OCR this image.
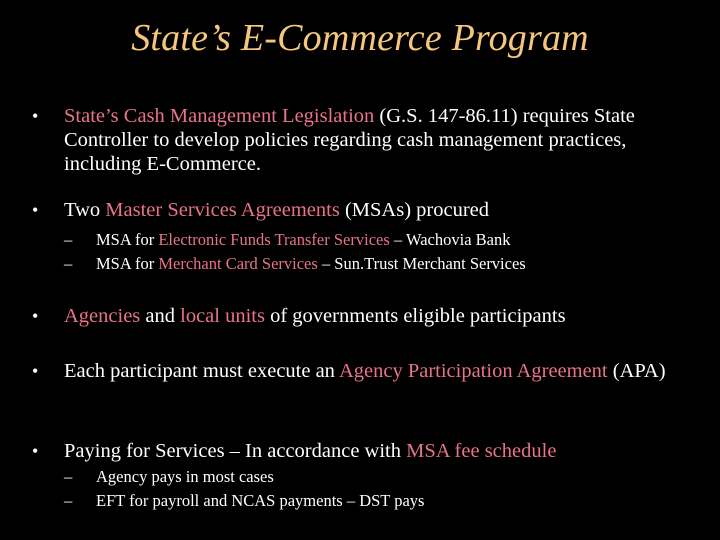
State’s E-Commerce Program
•	State’s Cash Management Legislation (G.S. 147-86.11) requires State Controller to develop policies regarding cash management practices, including E-Commerce.
•	Two Master Services Agreements (MSAs) procured
–	MSA for Electronic Funds Transfer Services – Wachovia Bank
–	MSA for Merchant Card Services – Sun.Trust Merchant Services
•	Agencies and local units of governments eligible participants
•	Each participant must execute an Agency Participation Agreement (APA)
•	Paying for Services – In accordance with MSA fee schedule
–	Agency pays in most cases
–	EFT for payroll and NCAS payments – DST pays
